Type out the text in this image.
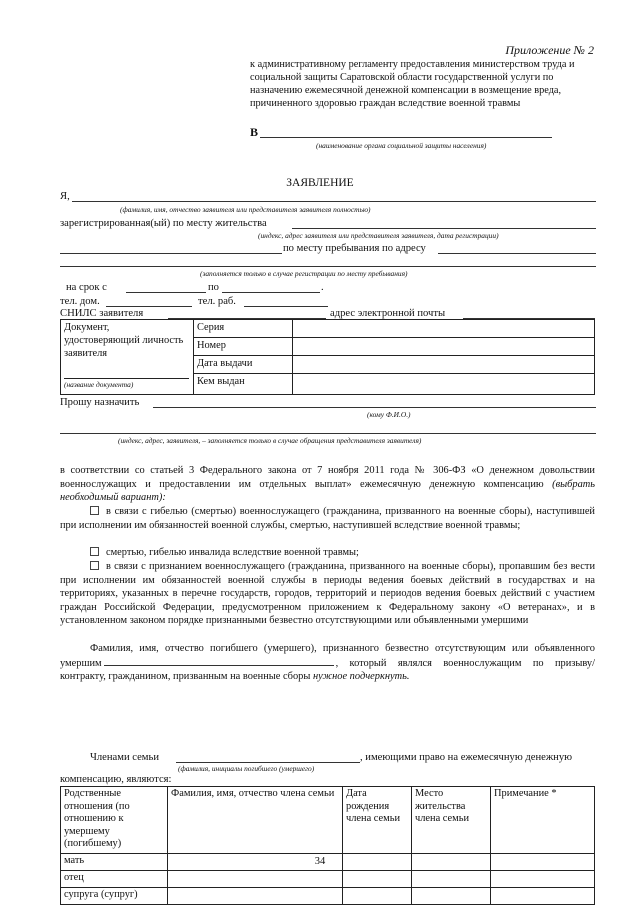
Приложение № 2
к административному регламенту предоставления министерством труда и социальной защиты Саратовской области государственной услуги по назначению ежемесячной денежной компенсации в возмещение вреда, причиненного здоровью граждан вследствие военной травмы
В
(наименование органа социальной защиты населения)
ЗАЯВЛЕНИЕ
Я,
(фамилия, имя, отчество заявителя или представителя заявителя полностью)
зарегистрированная(ый) по месту жительства
(индекс, адрес заявителя или представителя заявителя, дата регистрации)
по месту пребывания по адресу
(заполняется только в случае регистрации по месту пребывания)
на срок с	по	.
тел. дом.	тел. раб.
СНИЛС заявителя	адрес электронной почты
Документ, удостоверяющий личность заявителя
(название документа)	Серия	
	Номер	
	Дата выдачи	
	Кем выдан	
Прошу назначить
(кому Ф.И.О.)
(индекс, адрес, заявителя, – заполняется только в случае обращения представителя заявителя)
в соответствии со статьей 3 Федерального закона от 7 ноября 2011 года № 306-ФЗ «О денежном довольствии военнослужащих и предоставлении им отдельных выплат» ежемесячную денежную компенсацию (выбрать необходимый вариант):
в связи с гибелью (смертью) военнослужащего (гражданина, призванного на военные сборы), наступившей при исполнении им обязанностей военной службы, смертью, наступившей вследствие военной травмы;
смертью, гибелью инвалида вследствие военной травмы;
в связи с признанием военнослужащего (гражданина, призванного на военные сборы), пропавшим без вести при исполнении им обязанностей военной службы в периоды ведения боевых действий в государствах и на территориях, указанных в перечне государств, городов, территорий и периодов ведения боевых действий с участием граждан Российской Федерации, предусмотренном приложением к Федеральному закону «О ветеранах», и в установленном законом порядке признанными безвестно отсутствующими или объявленными умершими
Фамилия, имя, отчество погибшего (умершего), признанного безвестно отсутствующим или объявленного умершим	, который являлся военнослужащим по призыву/контракту, гражданином, призванным на военные сборы нужное подчеркнуть.
Членами семьи	, имеющими право на ежемесячную денежную
(фамилия, инициалы погибшего (умершего)
компенсацию, являются:
Родственные отношения (по отношению к умершему (погибшему)	Фамилия, имя, отчество члена семьи	Дата рождения члена семьи	Место жительства члена семьи	Примечание *
мать				
отец				
супруга (супруг)				
34
